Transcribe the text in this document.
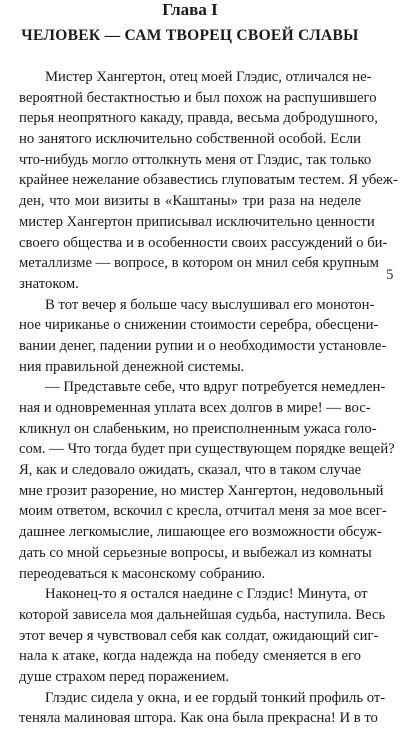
Глава I
ЧЕЛОВЕК — САМ ТВОРЕЦ СВОЕЙ СЛАВЫ
Мистер Хангертон, отец моей Глэдис, отличался не-
вероятной бестактностью и был похож на распушившего
перья неопрятного какаду, правда, весьма добродушного,
но занятого исключительно собственной особой. Если
что-нибудь могло оттолкнуть меня от Глэдис, так только
крайнее нежелание обзавестись глуповатым тестем. Я убеж-
ден, что мои визиты в «Каштаны» три раза на неделе
мистер Хангертон приписывал исключительно ценности
своего общества и в особенности своих рассуждений о би-
металлизме — вопросе, в котором он мнил себя крупным
знатоком.
В тот вечер я больше часу выслушивал его монотон-
ное чириканье о снижении стоимости серебра, обесцени-
вании денег, падении рупии и о необходимости установле-
ния правильной денежной системы.
— Представьте себе, что вдруг потребуется немедлен-
ная и одновременная уплата всех долгов в мире! — вос-
кликнул он слабеньким, но преисполненным ужаса голо-
сом. — Что тогда будет при существующем порядке вещей?
Я, как и следовало ожидать, сказал, что в таком случае
мне грозит разорение, но мистер Хангертон, недовольный
моим ответом, вскочил с кресла, отчитал меня за мое всег-
дашнее легкомыслие, лишающее его возможности обсуж-
дать со мной серьезные вопросы, и выбежал из комнаты
переодеваться к масонскому собранию.
Наконец-то я остался наедине с Глэдис! Минута, от
которой зависела моя дальнейшая судьба, наступила. Весь
этот вечер я чувствовал себя как солдат, ожидающий сиг-
нала к атаке, когда надежда на победу сменяется в его
душе страхом перед поражением.
Глэдис сидела у окна, и ее гордый тонкий профиль от-
теняла малиновая штора. Как она была прекрасна! И в то
5
